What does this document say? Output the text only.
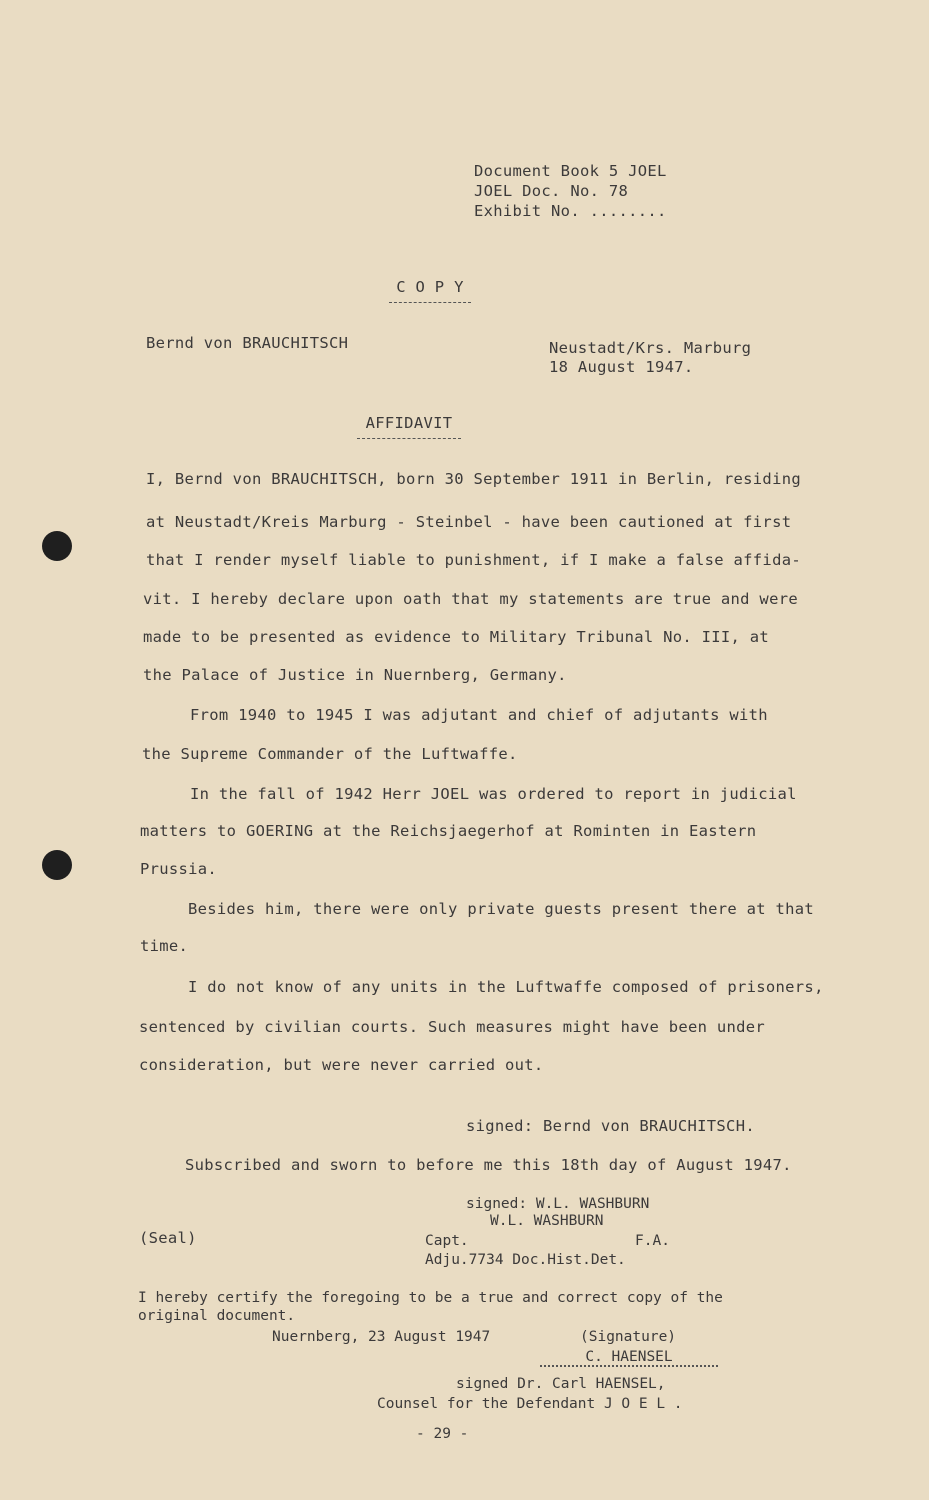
Document Book 5 JOEL
JOEL Doc. No. 78
Exhibit No. ........
C O P Y
Bernd von BRAUCHITSCH	Neustadt/Krs. Marburg
18 August 1947.
AFFIDAVIT
I, Bernd von BRAUCHITSCH, born 30 September 1911 in Berlin, residing
at Neustadt/Kreis Marburg - Steinbel - have been cautioned at first
that I render myself liable to punishment, if I make a false affida-
vit. I hereby declare upon oath that my statements are true and were
made to be presented as evidence to Military Tribunal No. III, at
the Palace of Justice in Nuernberg, Germany.
From 1940 to 1945 I was adjutant and chief of adjutants with
the Supreme Commander of the Luftwaffe.
In the fall of 1942 Herr JOEL was ordered to report in judicial
matters to GOERING at the Reichsjaegerhof at Rominten in Eastern
Prussia.
Besides him, there were only private guests present there at that
time.
I do not know of any units in the Luftwaffe composed of prisoners,
sentenced by civilian courts. Such measures might have been under
consideration, but were never carried out.
signed: Bernd von BRAUCHITSCH.
Subscribed and sworn to before me this 18th day of August 1947.
signed: W.L. WASHBURN
W.L. WASHBURN
(Seal)	Capt.	F.A.
Adju.7734 Doc.Hist.Det.
I hereby certify the foregoing to be a true and correct copy of the
original document.
Nuernberg, 23 August 1947	(Signature)
C. HAENSEL
signed Dr. Carl HAENSEL,
Counsel for the Defendant J O E L .
- 29 -
